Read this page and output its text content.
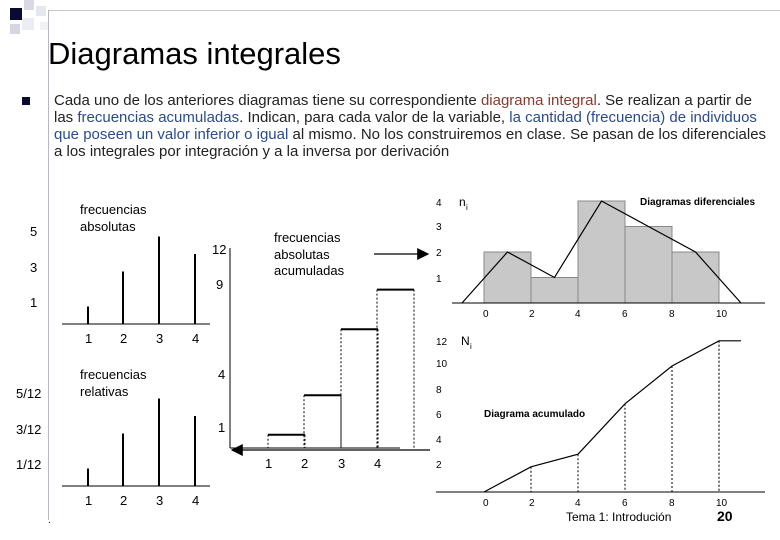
Diagramas integrales
Cada uno de los anteriores diagramas tiene su correspondiente diagrama integral. Se realizan a partir de las frecuencias acumuladas. Indican, para cada valor de la variable, la cantidad (frecuencia) de individuos que poseen un valor inferior o igual al mismo. No los construiremos en clase. Se pasan de los diferenciales a los integrales por integración y a la inversa por derivación
frecuencias
absolutas
5
3
1
1 2 3 4
frecuencias
relativas
5/12
3/12
1/12
1 2 3 4
frecuencias
absolutas
acumuladas
12
9
4
1
1 2 3 4
Diagramas diferenciales
n i
4
3
2
1
0	2	4	6	8	10
Diagrama acumulado
N i
12
10
8
6
4
2
0	2	4	6	8	10
.	Tema 1: Introdución	20
